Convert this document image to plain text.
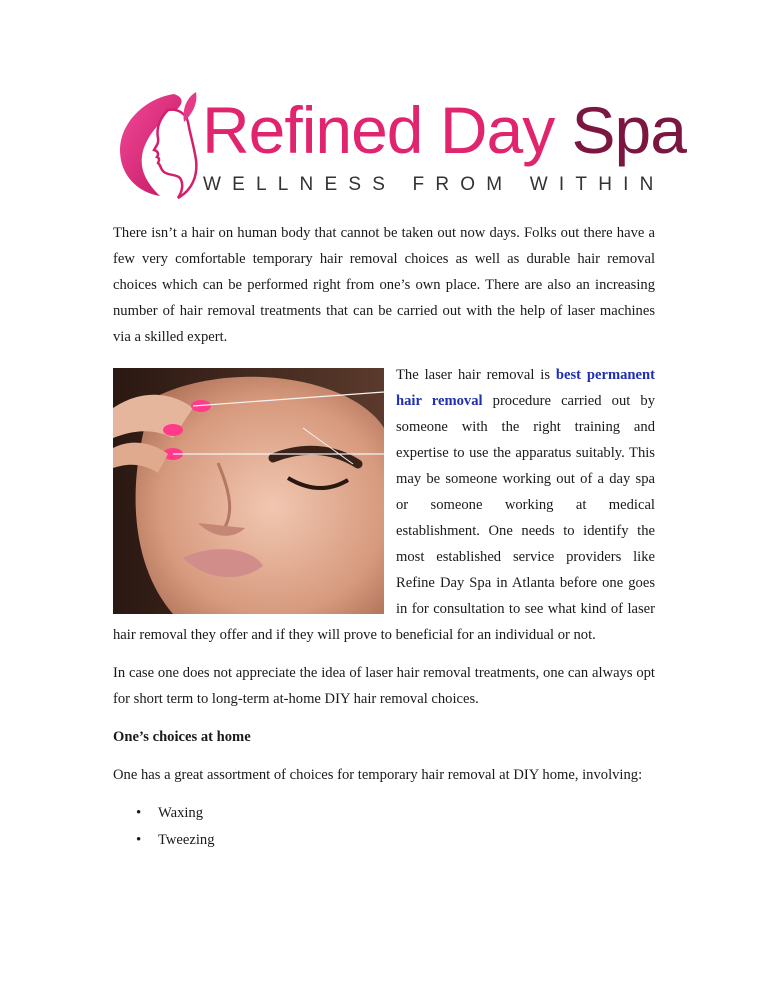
Refined Day Spa
WELLNESS FROM WITHIN

There isn’t a hair on human body that cannot be taken out now days. Folks out there have a few very comfortable temporary hair removal choices as well as durable hair removal choices which can be performed right from one’s own place. There are also an increasing number of hair removal treatments that can be carried out with the help of laser machines via a skilled expert.

The laser hair removal is best permanent hair removal procedure carried out by someone with the right training and expertise to use the apparatus suitably. This may be someone working out of a day spa or someone working at medical establishment. One needs to identify the most established service providers like Refine Day Spa in Atlanta before one goes in for consultation to see what kind of laser hair removal they offer and if they will prove to beneficial for an individual or not.

In case one does not appreciate the idea of laser hair removal treatments, one can always opt for short term to long-term at-home DIY hair removal choices.

One’s choices at home

One has a great assortment of choices for temporary hair removal at DIY home, involving:

• Waxing
• Tweezing
